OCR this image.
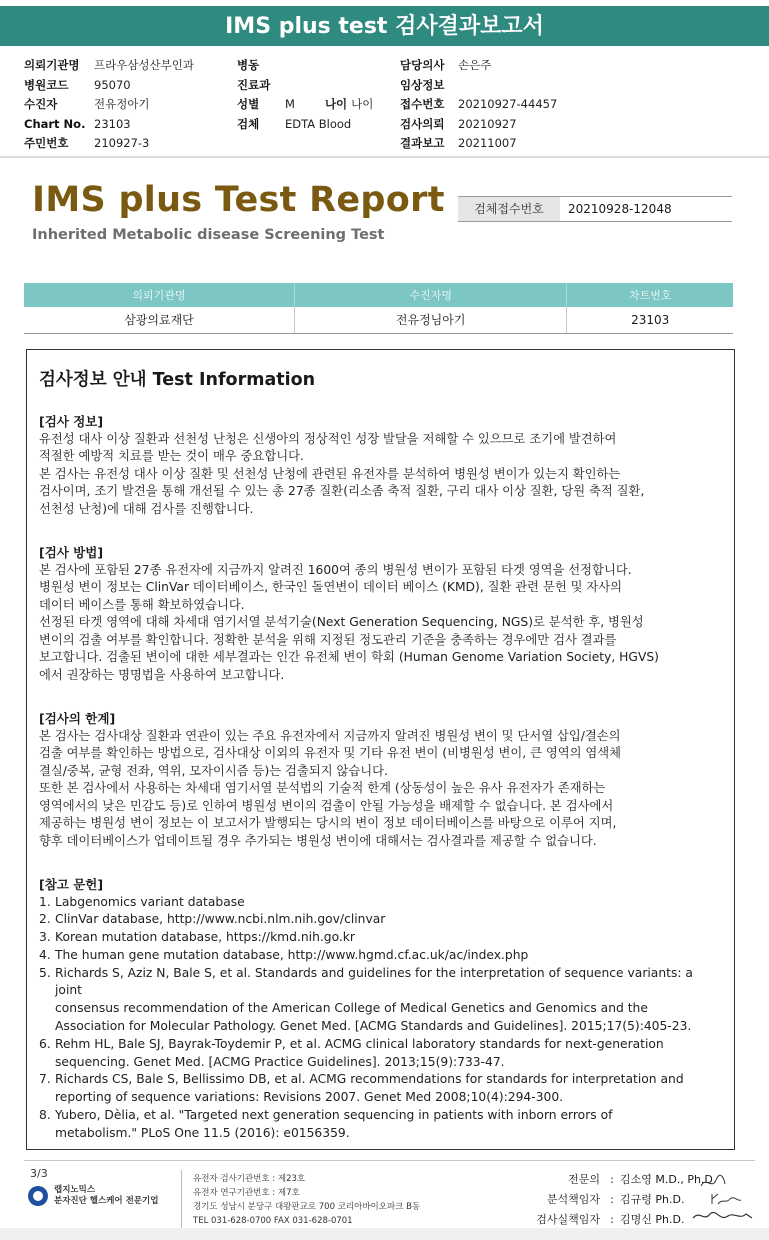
IMS plus test 검사결과보고서
의뢰기관명	프라우삼성산부인과
병원코드	95070
수진자	전유정아기
Chart No. 23103
주민번호	210927-3
병동
진료과
성별	M	나이 나이
검체	EDTA Blood
담당의사	손은주
임상정보
접수번호	20210927-44457
검사의뢰	20210927
결과보고	20211007
IMS plus Test Report
Inherited Metabolic disease Screening Test
검체접수번호	20210928-12048
의뢰기관명	수진자명	차트번호
삼광의료재단	전유정님아기	23103
검사정보 안내 Test Information
[검사 정보]

유전성 대사 이상 질환과 선천성 난청은 신생아의 정상적인 성장 발달을 저해할 수 있으므로 조기에 발견하여

적절한 예방적 치료를 받는 것이 매우 중요합니다.

본 검사는 유전성 대사 이상 질환 및 선천성 난청에 관련된 유전자를 분석하여 병원성 변이가 있는지 확인하는

검사이며, 조기 발견을 통해 개선될 수 있는 총 27종 질환(리소좀 축적 질환, 구리 대사 이상 질환, 당원 축적 질환,

선천성 난청)에 대해 검사를 진행합니다.

[검사 방법]

본 검사에 포함된 27종 유전자에 지금까지 알려진 1600여 종의 병원성 변이가 포함된 타겟 영역을 선정합니다.

병원성 변이 정보는 ClinVar 데이터베이스, 한국인 돌연변이 데이터 베이스 (KMD), 질환 관련 문헌 및 자사의

데이터 베이스를 통해 확보하였습니다.

선정된 타겟 영역에 대해 차세대 염기서열 분석기술(Next Generation Sequencing, NGS)로 분석한 후, 병원성

변이의 검출 여부를 확인합니다. 정확한 분석을 위해 지정된 정도관리 기준을 충족하는 경우에만 검사 결과를

보고합니다. 검출된 변이에 대한 세부결과는 인간 유전체 변이 학회 (Human Genome Variation Society, HGVS)

에서 권장하는 명명법을 사용하여 보고합니다.

[검사의 한계]

본 검사는 검사대상 질환과 연관이 있는 주요 유전자에서 지금까지 알려진 병원성 변이 및 단서열 삽입/결손의

검출 여부를 확인하는 방법으로, 검사대상 이외의 유전자 및 기타 유전 변이 (비병원성 변이, 큰 영역의 염색체

결실/중복, 균형 전좌, 역위, 모자이시즘 등)는 검출되지 않습니다.

또한 본 검사에서 사용하는 차세대 염기서열 분석법의 기술적 한계 (상동성이 높은 유사 유전자가 존재하는

영역에서의 낮은 민감도 등)로 인하여 병원성 변이의 검출이 안될 가능성을 배제할 수 없습니다. 본 검사에서

제공하는 병원성 변이 정보는 이 보고서가 발행되는 당시의 변이 정보 데이터베이스를 바탕으로 이루어 지며,

향후 데이터베이스가 업데이트될 경우 추가되는 병원성 변이에 대해서는 검사결과를 제공할 수 없습니다.

[참고 문헌]
1. Labgenomics variant database
2. ClinVar database, http://www.ncbi.nlm.nih.gov/clinvar
3. Korean mutation database, https://kmd.nih.go.kr
4. The human gene mutation database, http://www.hgmd.cf.ac.uk/ac/index.php
5. Richards S, Aziz N, Bale S, et al. Standards and guidelines for the interpretation of sequence variants: a joint
consensus recommendation of the American College of Medical Genetics and Genomics and the
Association for Molecular Pathology. Genet Med. [ACMG Standards and Guidelines]. 2015;17(5):405-23.
6. Rehm HL, Bale SJ, Bayrak-Toydemir P, et al. ACMG clinical laboratory standards for next-generation
sequencing. Genet Med. [ACMG Practice Guidelines]. 2013;15(9):733-47.
7. Richards CS, Bale S, Bellissimo DB, et al. ACMG recommendations for standards for interpretation and
reporting of sequence variations: Revisions 2007. Genet Med 2008;10(4):294-300.
8. Yubero, Dèlia, et al. "Targeted next generation sequencing in patients with inborn errors of
metabolism." PLoS One 11.5 (2016): e0156359.
3/3
랩지노믹스
분자진단 헬스케어 전문기업
유전자 검사기관번호 : 제23호
유전자 연구기관번호 : 제7호
경기도 성남시 분당구 대왕판교로 700 코리아바이오파크 B동
TEL 031-628-0700 FAX 031-628-0701
전문의 : 김소영 M.D., Ph.D.
분석책임자 : 김규령 Ph.D.
검사실책임자 : 김명신 Ph.D.
